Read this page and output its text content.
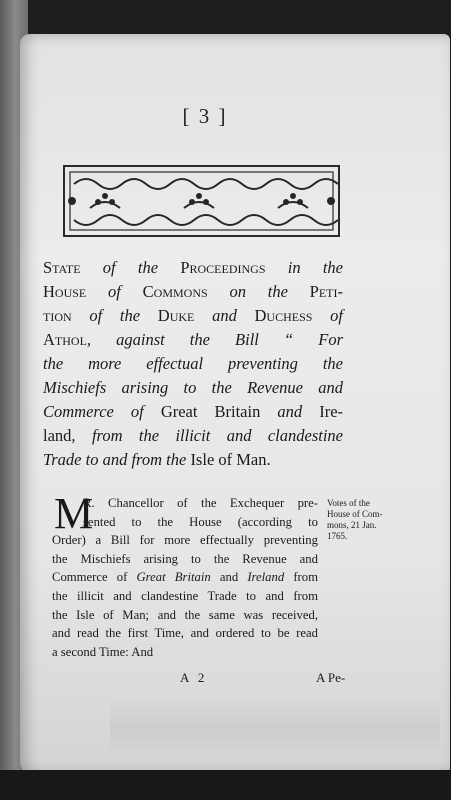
[ 3 ]
State of the Proceedings in the
House of Commons on the Peti-
tion of the Duke and Duchess of
Athol, against the Bill “ For
the more effectual preventing the
Mischiefs arising to the Revenue and
Commerce of Great Britain and Ire-
land, from the illicit and clandestine
Trade to and from the Isle of Man.
M
R. Chancellor of the Exchequer pre-
sented to the House (according to
Order) a Bill for more effectually preventing
the Mischiefs arising to the Revenue and
Commerce of Great Britain and Ireland from
the illicit and clandestine Trade to and from
the Isle of Man; and the same was received,
and read the first Time, and ordered to be read
a second Time: And
Votes of the
House of Com-
mons, 21 Jan.
1765.
A 2	A Pe-
